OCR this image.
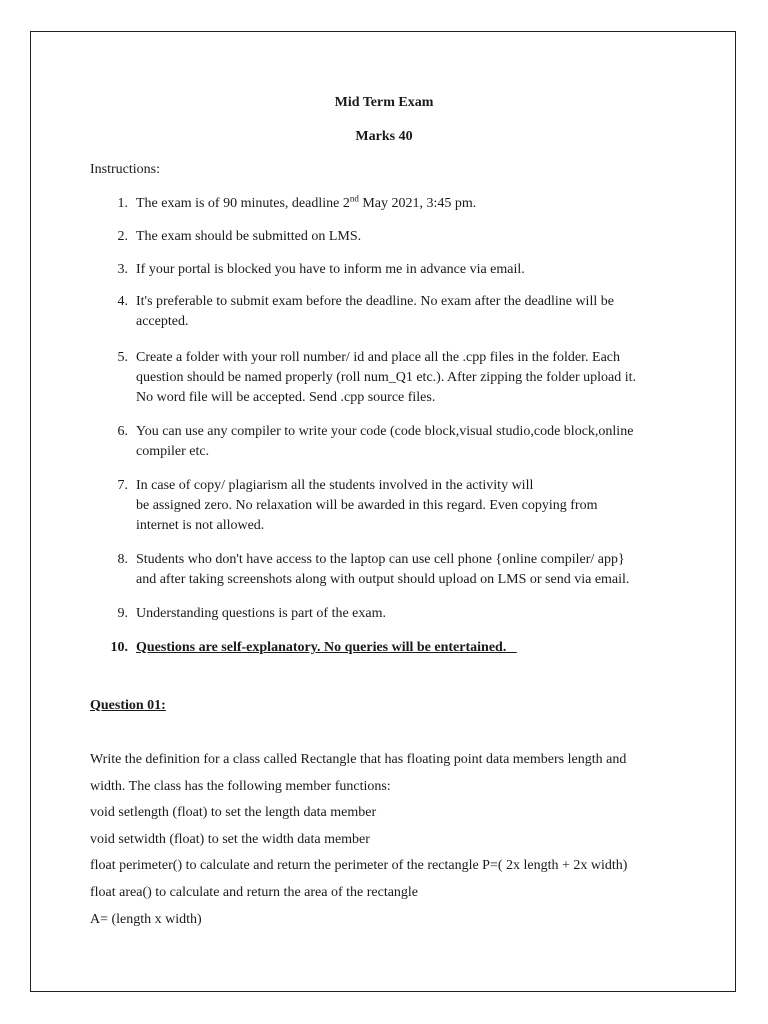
Mid Term Exam
Marks 40
Instructions:
1. The exam is of 90 minutes, deadline 2nd May 2021, 3:45 pm.
2. The exam should be submitted on LMS.
3. If your portal is blocked you have to inform me in advance via email.
4. It's preferable to submit exam before the deadline. No exam after the deadline will be
accepted.
5. Create a folder with your roll number/ id and place all the .cpp files in the folder. Each
question should be named properly (roll num_Q1 etc.). After zipping the folder upload it.
No word file will be accepted. Send .cpp source files.
6. You can use any compiler to write your code (code block,visual studio,code block,online
compiler etc.
7. In case of copy/ plagiarism all the students involved in the activity will
be assigned zero. No relaxation will be awarded in this regard. Even copying from
internet is not allowed.
8. Students who don't have access to the laptop can use cell phone {online compiler/ app}
and after taking screenshots along with output should upload on LMS or send via email.
9. Understanding questions is part of the exam.
10. Questions are self-explanatory. No queries will be entertained.
Question 01:
Write the definition for a class called Rectangle that has floating point data members length and
width. The class has the following member functions:
void setlength (float) to set the length data member
void setwidth (float) to set the width data member
float perimeter() to calculate and return the perimeter of the rectangle P=( 2x length + 2x width)
float area() to calculate and return the area of the rectangle
A= (length x width)
